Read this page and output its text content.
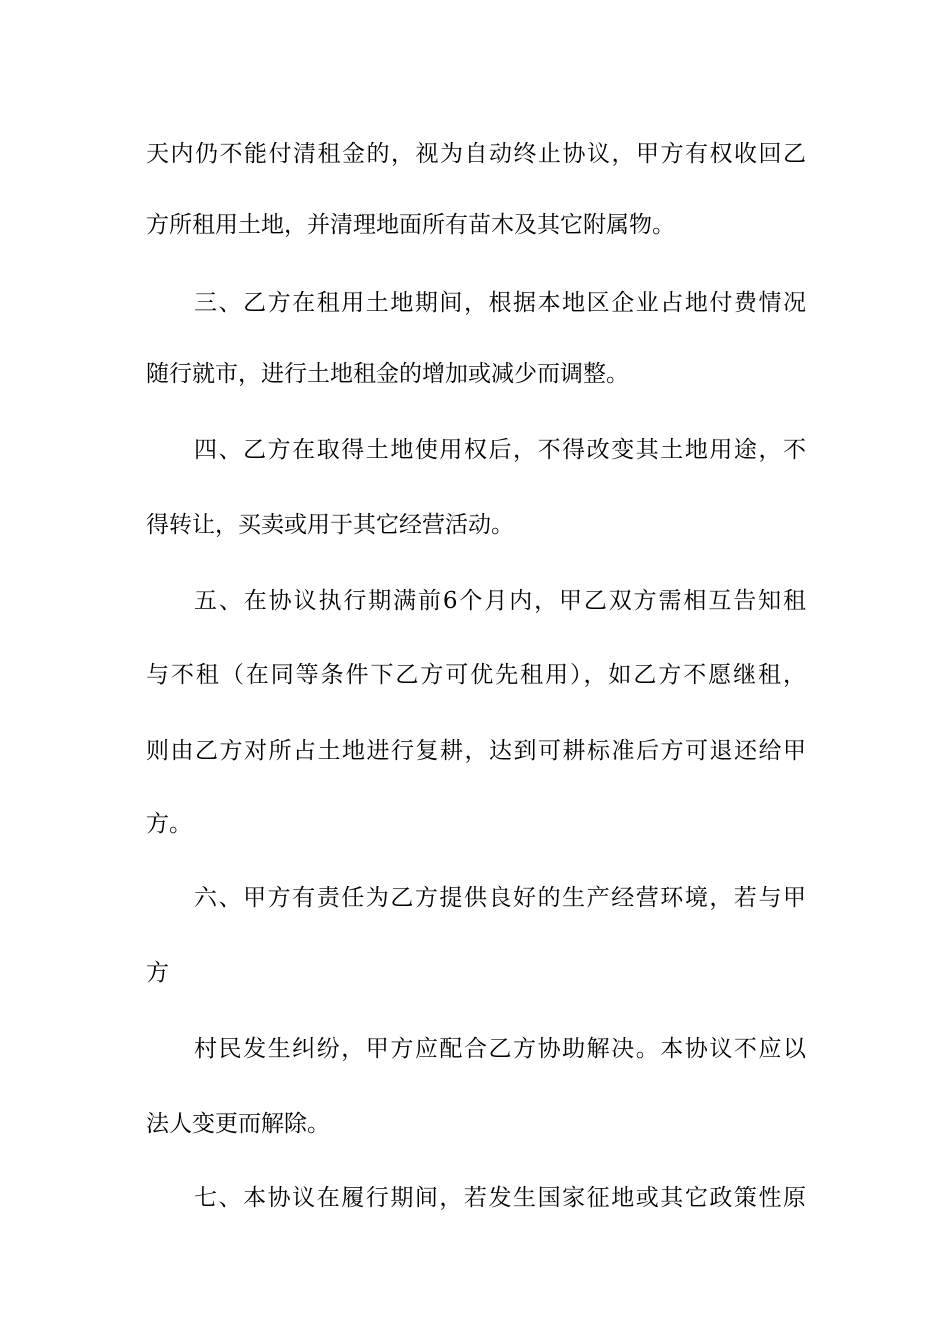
天内仍不能付清租金的，视为自动终止协议，甲方有权收回乙
方所租用土地，并清理地面所有苗木及其它附属物。
三、乙方在租用土地期间，根据本地区企业占地付费情况
随行就市，进行土地租金的增加或减少而调整。
四、乙方在取得土地使用权后，不得改变其土地用途，不
得转让，买卖或用于其它经营活动。
五、在协议执行期满前6个月内，甲乙双方需相互告知租
与不租（在同等条件下乙方可优先租用），如乙方不愿继租，
则由乙方对所占土地进行复耕，达到可耕标准后方可退还给甲
方。
六、甲方有责任为乙方提供良好的生产经营环境，若与甲
方
村民发生纠纷，甲方应配合乙方协助解决。本协议不应以
法人变更而解除。
七、本协议在履行期间，若发生国家征地或其它政策性原
